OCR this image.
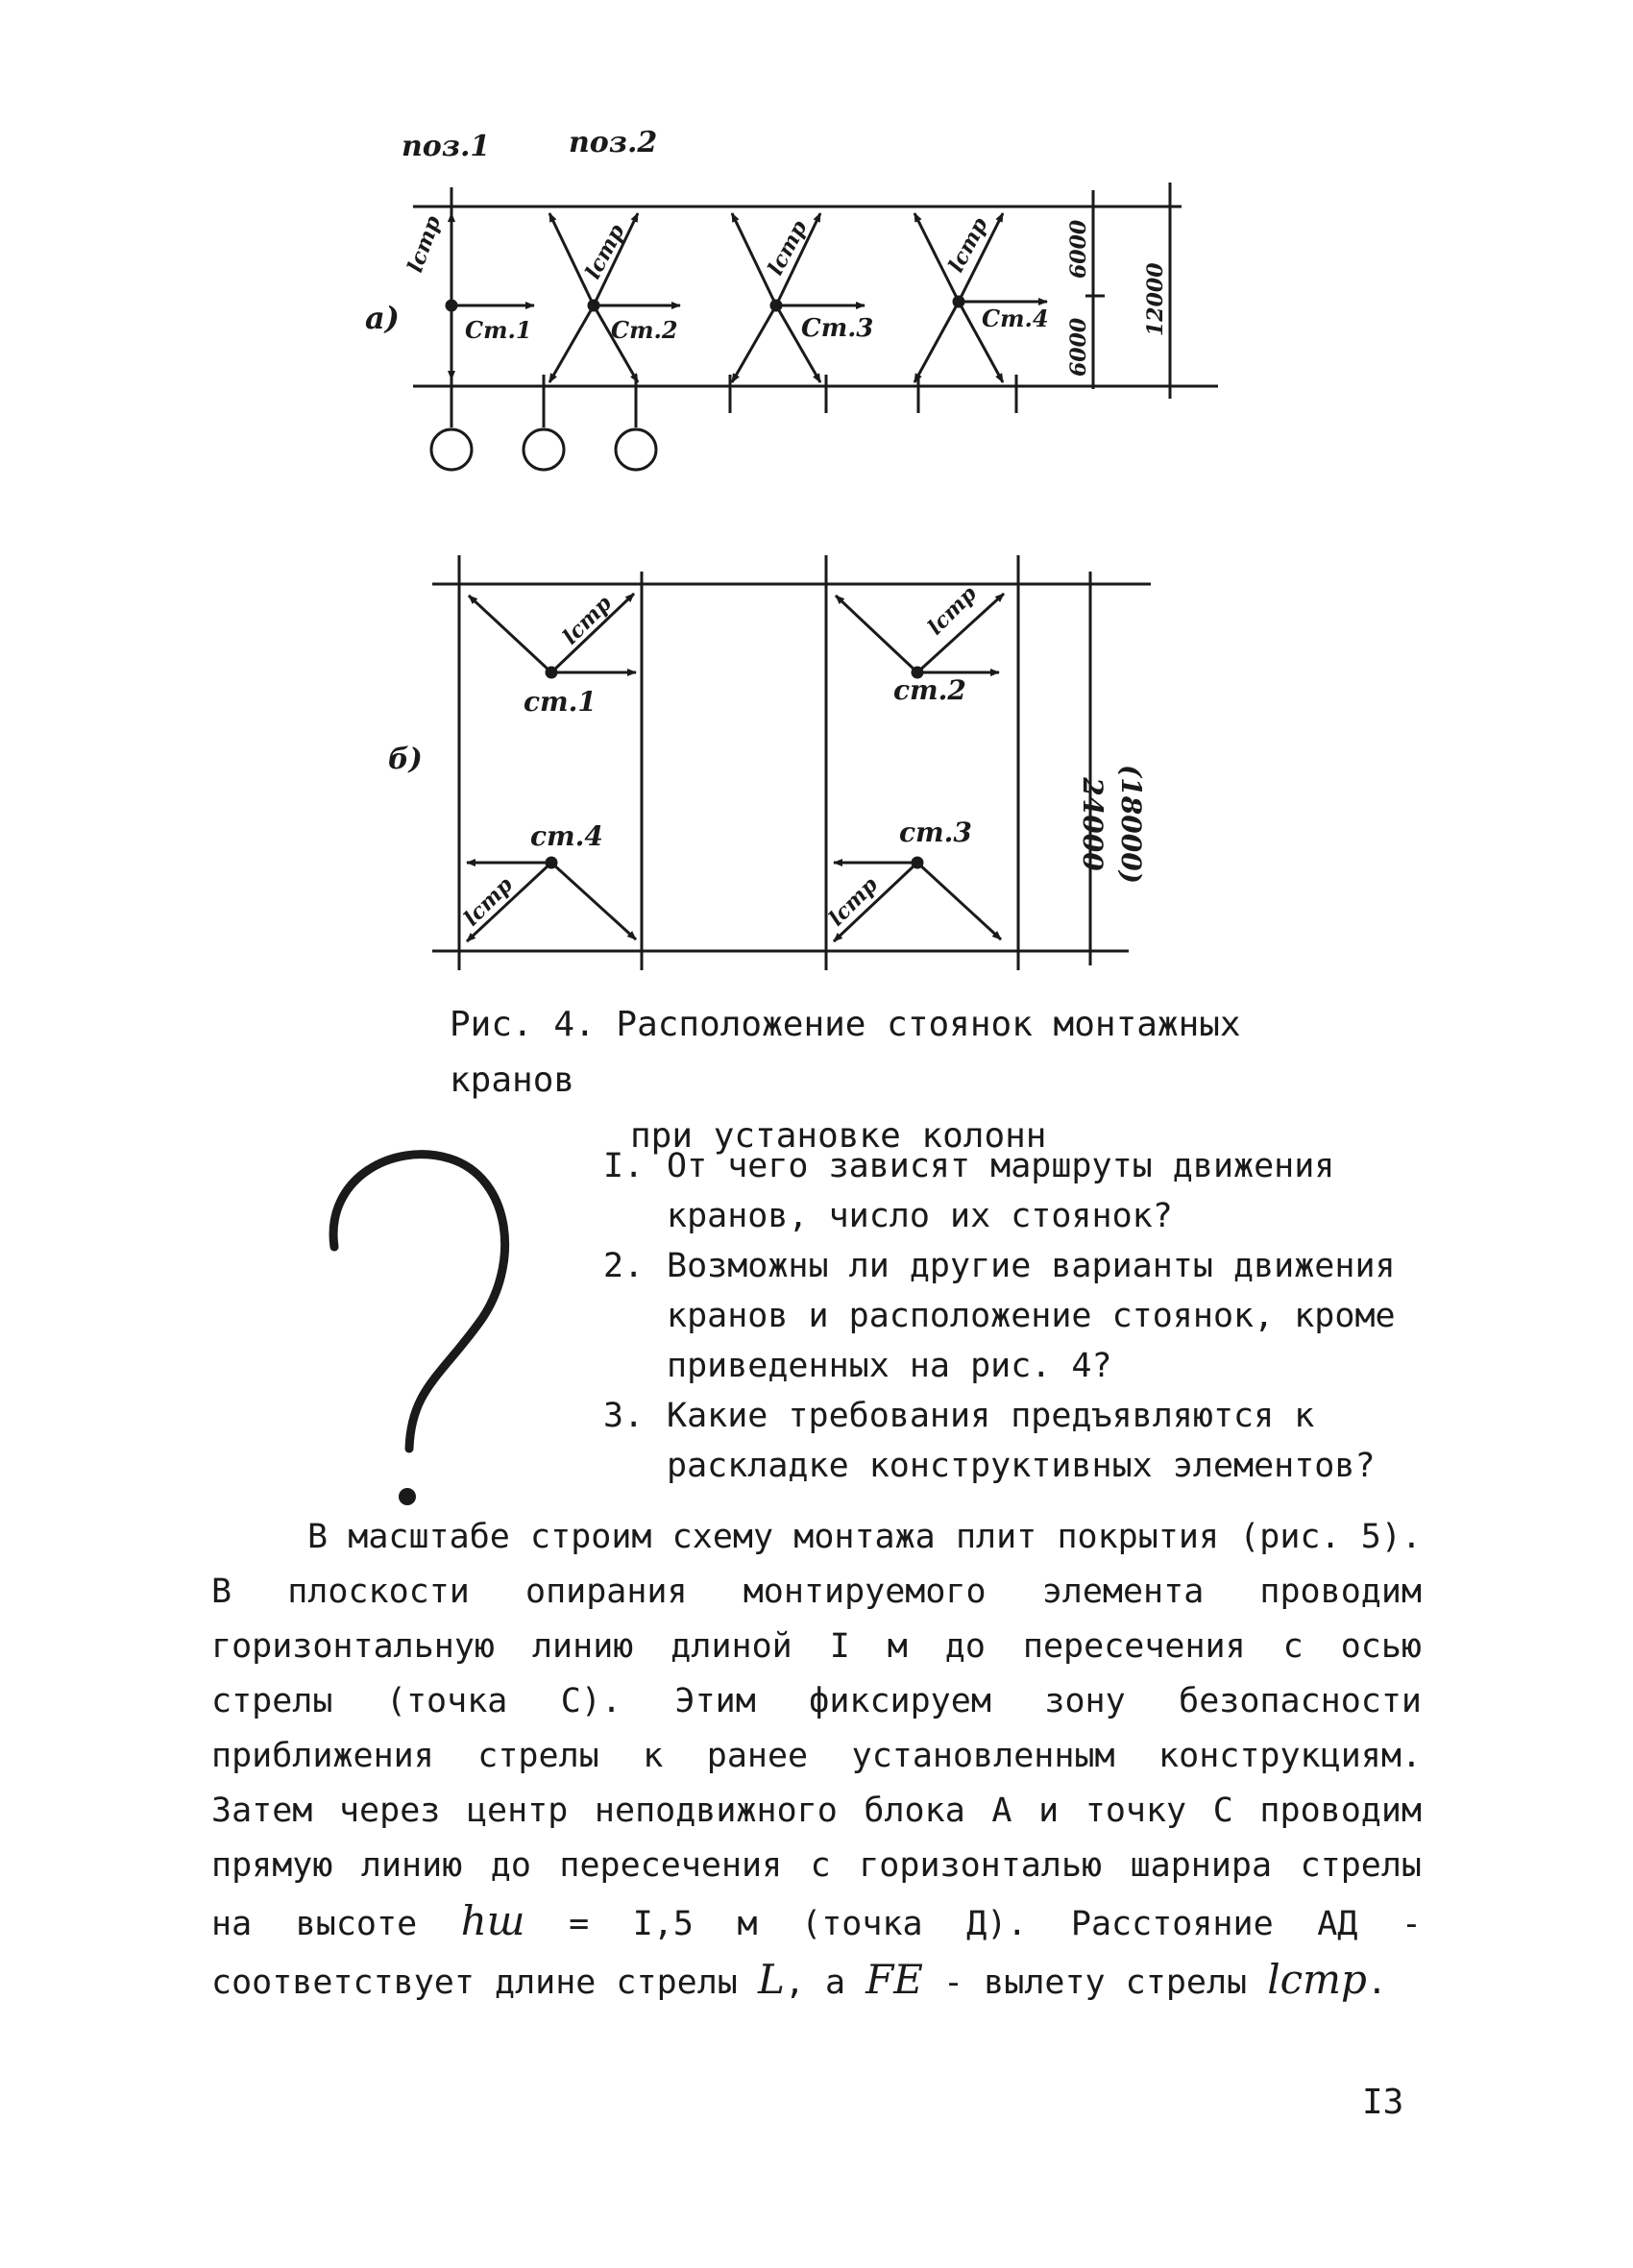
поз.1	поз.2
а)	Ст.1
lстр
Ст.2
lстр
Ст.3
lстр
Ст.4
lстр	6000
6000
12000
б)
ст.1
lстр
ст.2
lстр
ст.3
lстр
ст.4
lстр
24000 (18000)

Рис. 4. Расположение стоянок монтажных кранов
при установке колонн

I. От чего зависят маршруты движения кранов, число их стоянок?
2. Возможны ли другие варианты движения кранов и расположение стоянок, кроме приведенных на рис. 4?
3. Какие требования предъявляются к раскладке конструктивных элементов?

В масштабе строим схему монтажа плит покрытия (рис. 5). В плоскости опирания монтируемого элемента проводим горизонтальную линию длиной I м до пересечения с осью стрелы (точка С). Этим фиксируем зону безопасности приближения стрелы к ранее установленным конструкциям. Затем через центр неподвижного блока А и точку С проводим прямую линию до пересечения с горизонталью шарнира стрелы на высоте hш = I,5 м (точка Д). Расстояние АД - соответствует длине стрелы L, а FE - вылету стрелы lстр.

I3
